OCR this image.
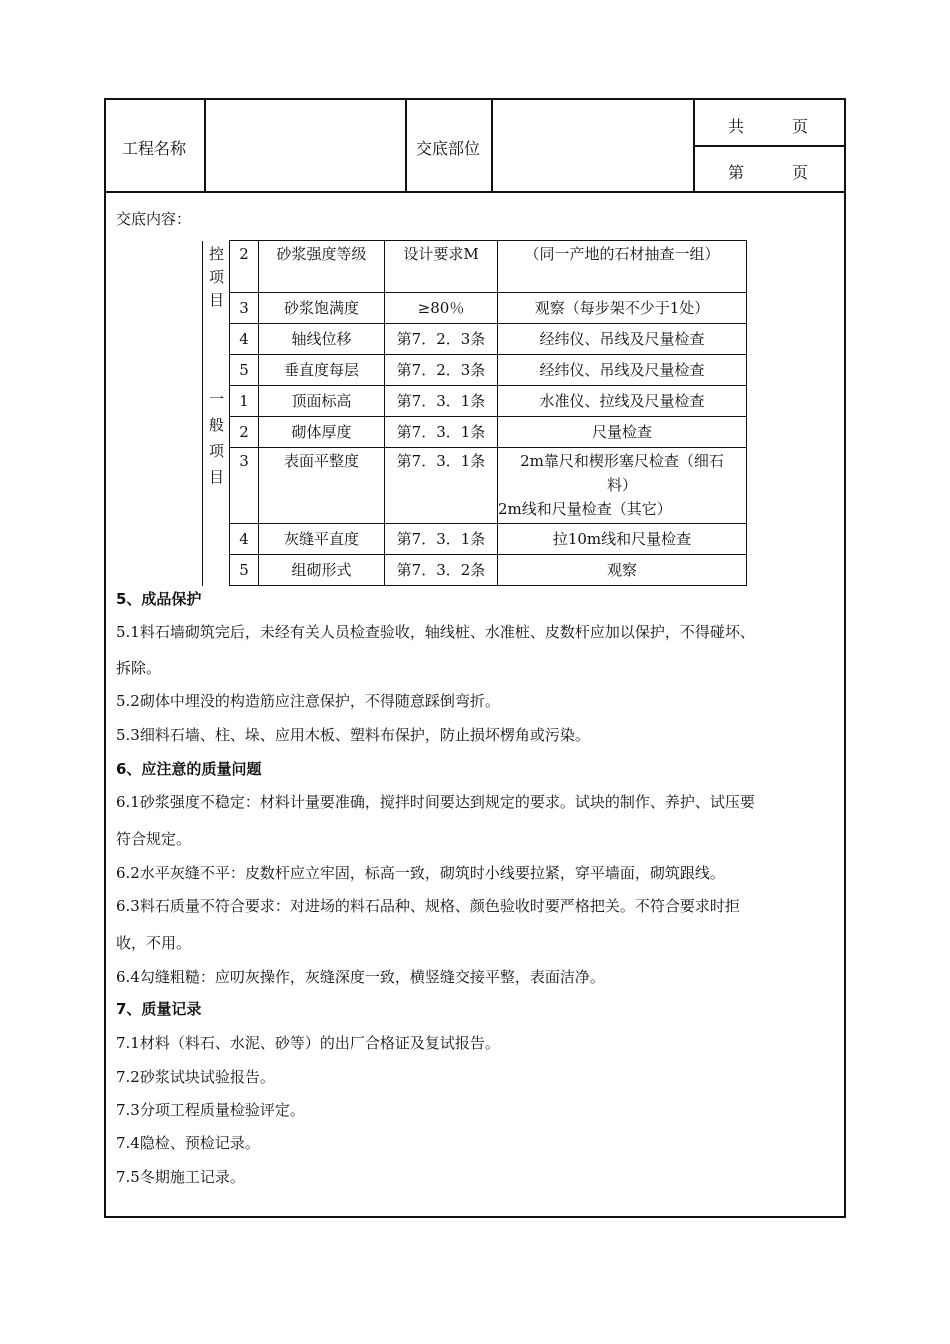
工程名称	交底部位
共　　　页
第　　　页
交底内容：
控项目	2	砂浆强度等级	设计要求M	（同一产地的石材抽查一组）
	3	砂浆饱满度	≥80％	观察（每步架不少于1处）
	4	轴线位移	第7．2．3条	经纬仪、吊线及尺量检查
	5	垂直度每层	第7．2．3条	经纬仪、吊线及尺量检查

一般项目	1	顶面标高	第7．3．1条	水准仪、拉线及尺量检查
	2	砌体厚度	第7．3．1条	尺量检查
	3	表面平整度	第7．3．1条	2m靠尺和楔形塞尺检查（细石
料）
2m线和尺量检查（其它）

	4	灰缝平直度	第7．3．1条	拉10m线和尺量检查
	5	组砌形式	第7．3．2条	观察
5、成品保护
5.1料石墙砌筑完后，未经有关人员检查验收，轴线桩、水准桩、皮数杆应加以保护，不得碰坏、
拆除。
5.2砌体中埋没的构造筋应注意保护，不得随意踩倒弯折。
5.3细料石墙、柱、垛、应用木板、塑料布保护，防止损坏楞角或污染。
6、应注意的质量问题
6.1砂浆强度不稳定：材料计量要准确，搅拌时间要达到规定的要求。试块的制作、养护、试压要
符合规定。
6.2水平灰缝不平：皮数杆应立牢固，标高一致，砌筑时小线要拉紧，穿平墙面，砌筑跟线。
6.3料石质量不符合要求：对进场的料石品种、规格、颜色验收时要严格把关。不符合要求时拒
收，不用。
6.4勾缝粗糙：应叨灰操作，灰缝深度一致，横竖缝交接平整，表面洁净。
7、质量记录
7.1材料（料石、水泥、砂等）的出厂合格证及复试报告。
7.2砂浆试块试验报告。
7.3分项工程质量检验评定。
7.4隐检、预检记录。
7.5冬期施工记录。
